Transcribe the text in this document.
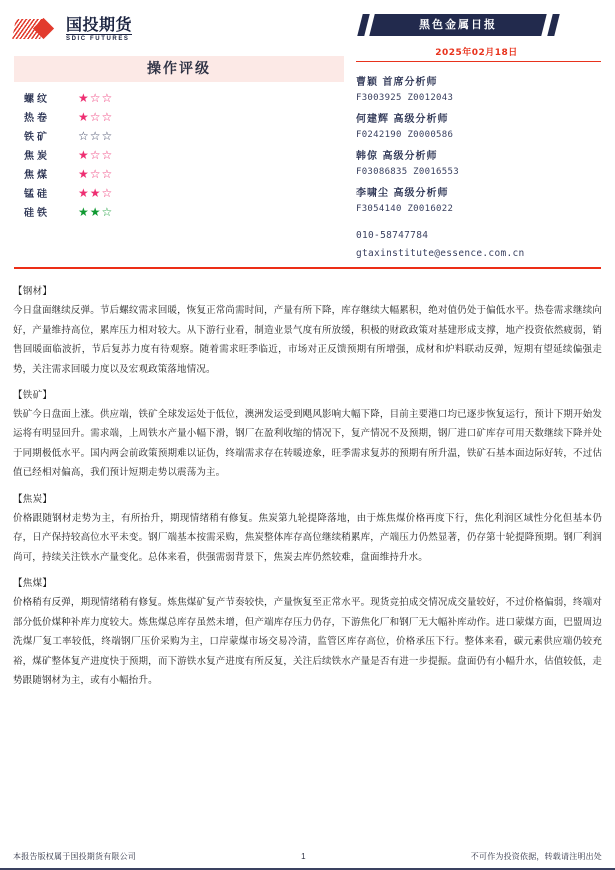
国投期货
SDIC FUTURES
操作评级
螺纹	★☆☆
热卷	★☆☆
铁矿	☆☆☆
焦炭	★☆☆
焦煤	★☆☆
锰硅	★★☆
硅铁	★★☆
黑色金属日报
2025年02月18日
曹颖 首席分析师
F3003925 Z0012043
何建辉 高级分析师
F0242190 Z0000586
韩倞 高级分析师
F03086835 Z0016553
李啸尘 高级分析师
F3054140 Z0016022
010-58747784
gtaxinstitute@essence.com.cn
【钢材】
今日盘面继续反弹。节后螺纹需求回暖，恢复正常尚需时间，产量有所下降，库存继续大幅累积，绝对值仍处于偏低水平。热卷需求继续向好，产量维持高位，累库压力相对较大。从下游行业看，制造业景气度有所放缓，积极的财政政策对基建形成支撑，地产投资依然疲弱，销售回暖面临波折，节后复苏力度有待观察。随着需求旺季临近，市场对正反馈预期有所增强，成材和炉料联动反弹，短期有望延续偏强走势，关注需求回暖力度以及宏观政策落地情况。
【铁矿】
铁矿今日盘面上涨。供应端，铁矿全球发运处于低位，澳洲发运受到飓风影响大幅下降，目前主要港口均已逐步恢复运行，预计下期开始发运将有明显回升。需求端，上周铁水产量小幅下滑，钢厂在盈利收缩的情况下，复产情况不及预期，钢厂进口矿库存可用天数继续下降并处于同期极低水平。国内两会前政策预期难以证伪，终端需求存在转暖迹象，旺季需求复苏的预期有所升温，铁矿石基本面边际好转，不过估值已经相对偏高，我们预计短期走势以震荡为主。
【焦炭】
价格跟随钢材走势为主，有所抬升，期现情绪稍有修复。焦炭第九轮提降落地，由于炼焦煤价格再度下行，焦化利润区域性分化但基本仍存，日产保持较高位水平未变。钢厂端基本按需采购，焦炭整体库存高位继续稍累库，产端压力仍然显著，仍存第十轮提降预期。钢厂利润尚可，持续关注铁水产量变化。总体来看，供强需弱背景下，焦炭去库仍然较难，盘面维持升水。
【焦煤】
价格稍有反弹，期现情绪稍有修复。炼焦煤矿复产节奏较快，产量恢复至正常水平。现货竞拍成交情况成交量较好，不过价格偏弱，终端对部分低价煤种补库力度较大。炼焦煤总库存虽然未增，但产端库存压力仍存，下游焦化厂和钢厂无大幅补库动作。进口蒙煤方面，巴盟周边洗煤厂复工率较低，终端钢厂压价采购为主，口岸蒙煤市场交易冷清，监管区库存高位，价格承压下行。整体来看，碳元素供应端仍较充裕，煤矿整体复产进度快于预期，而下游铁水复产进度有所反复，关注后续铁水产量是否有进一步提振。盘面仍有小幅升水，估值较低，走势跟随钢材为主，或有小幅抬升。
本报告版权属于国投期货有限公司	1	不可作为投资依据，转载请注明出处
